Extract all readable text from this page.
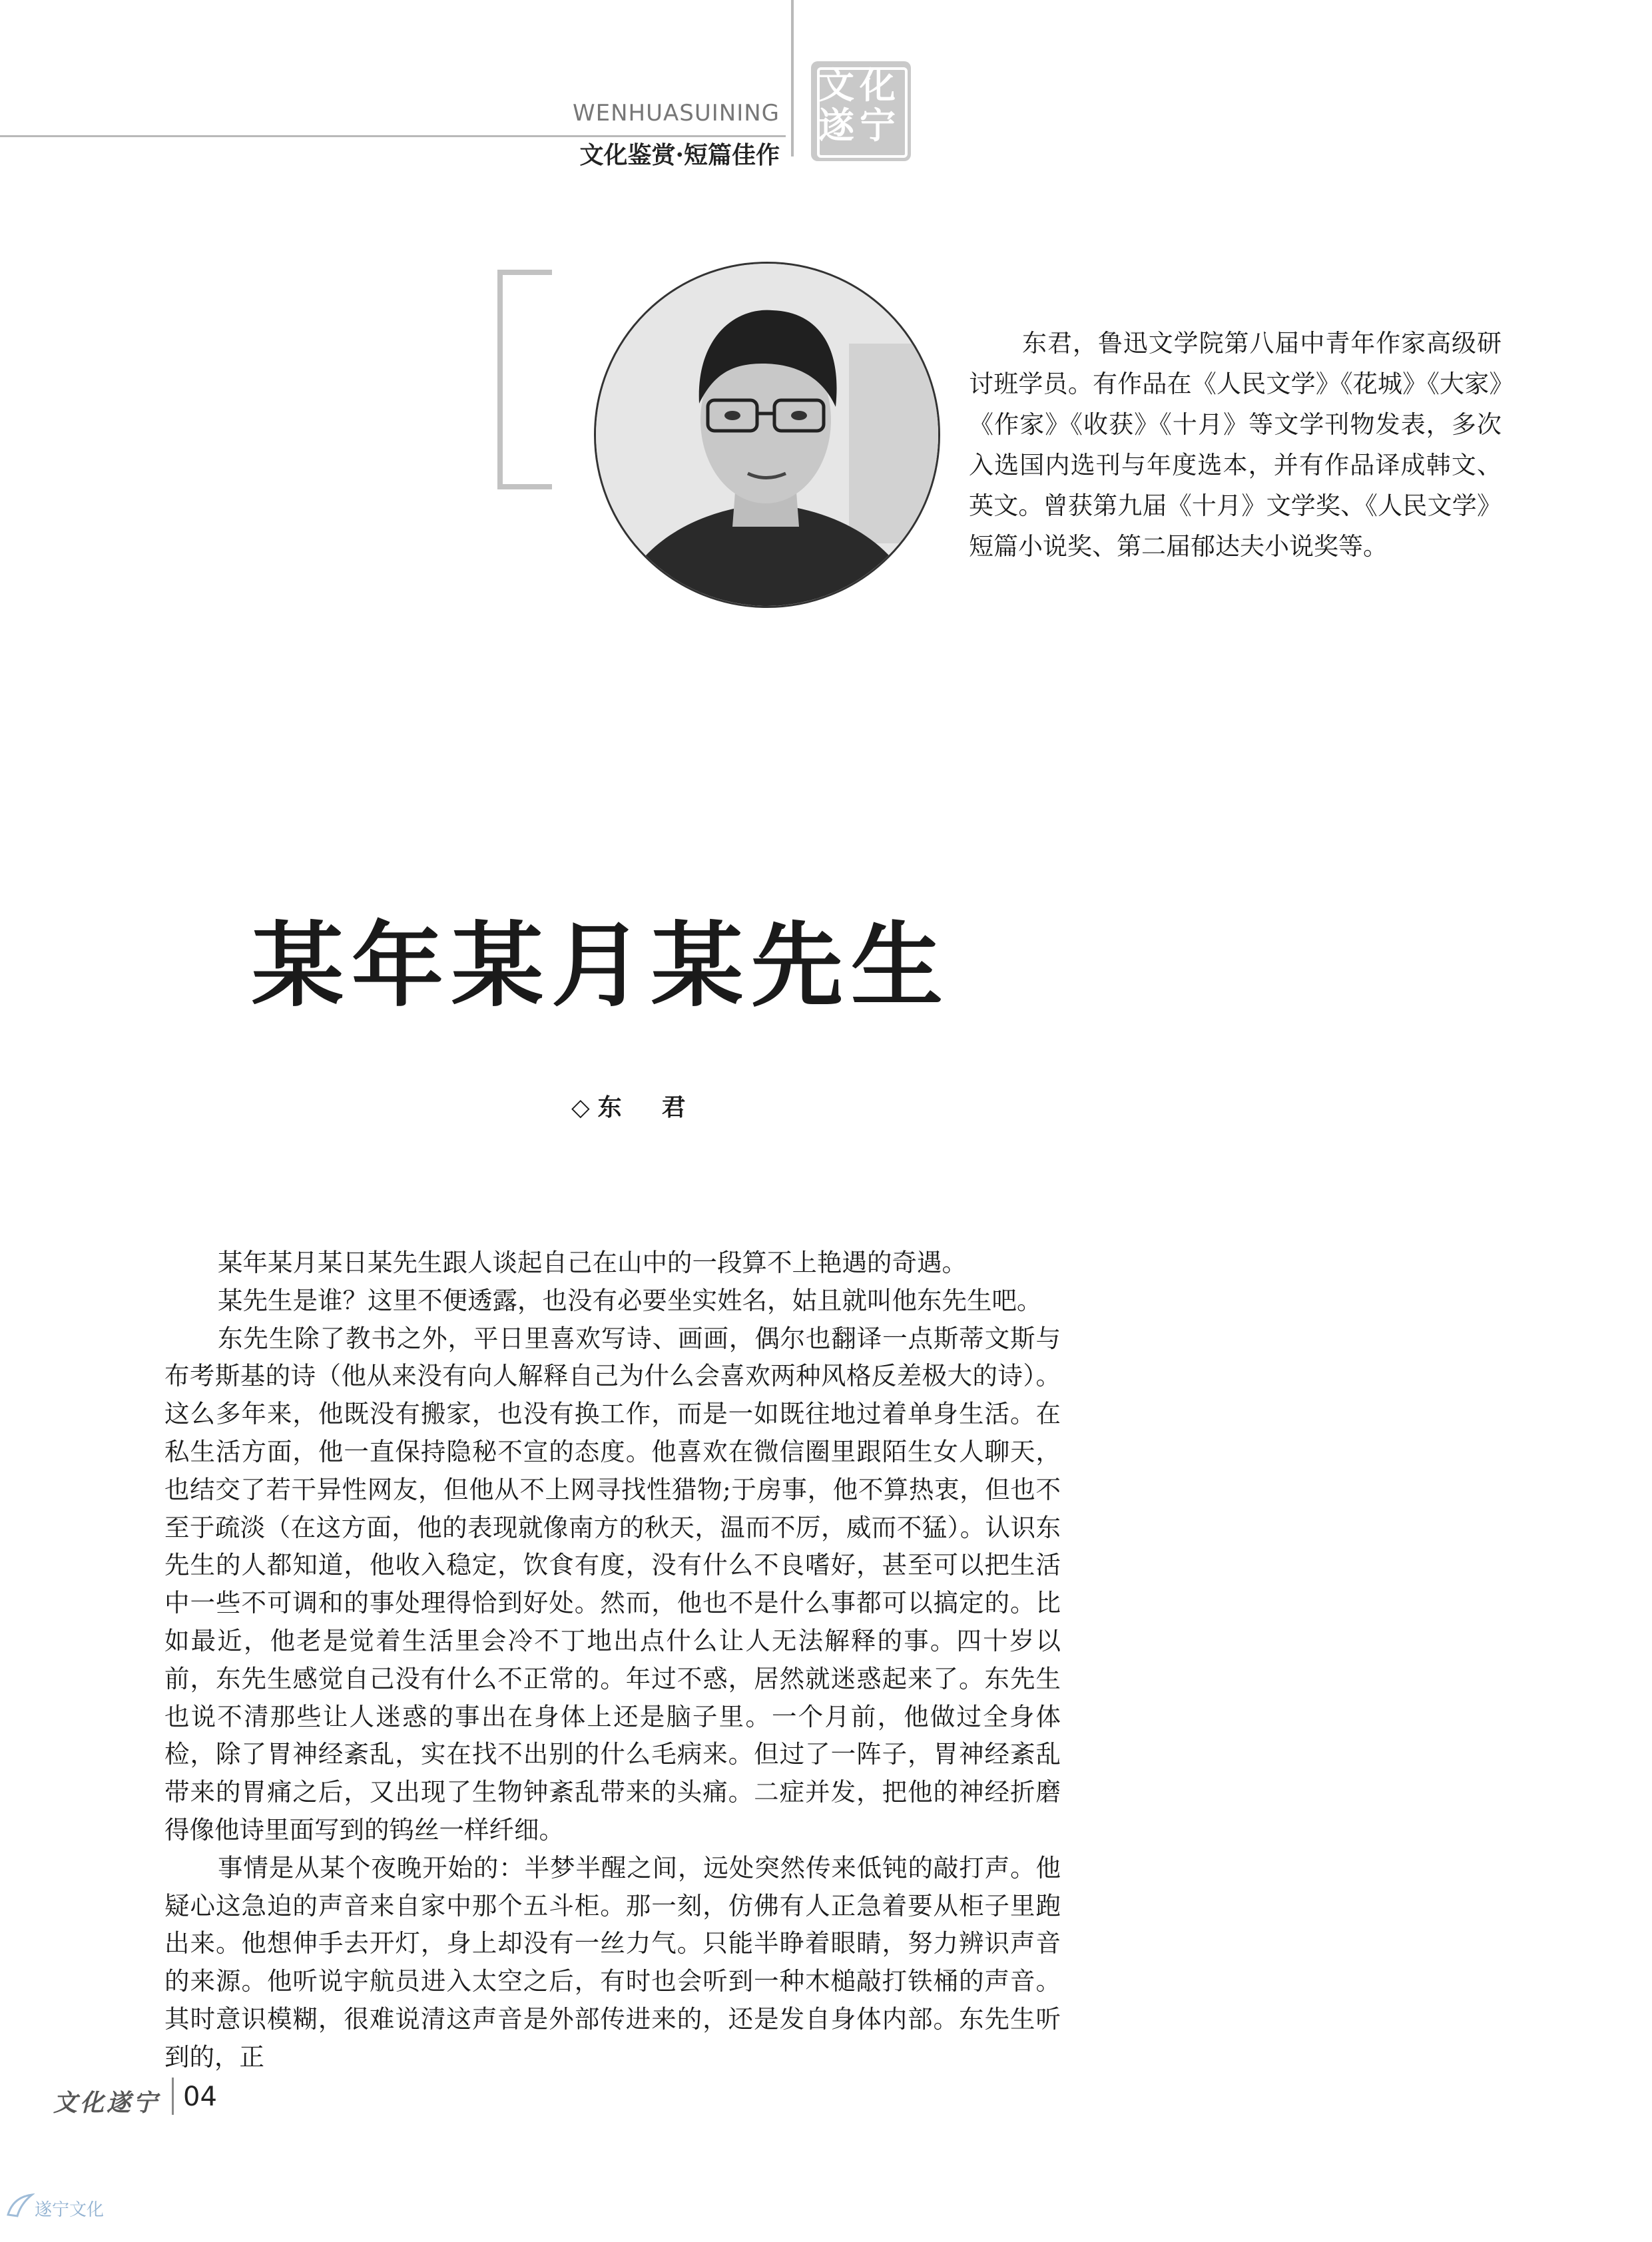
WENHUASUINING
文化鉴赏·短篇佳作
文 化
遂 宁

东君，鲁迅文学院第八届中青年作家高级研讨班学员。有作品在《人民文学》《花城》《大家》《作家》《收获》《十月》等文学刊物发表，多次入选国内选刊与年度选本，并有作品译成韩文、英文。曾获第九届《十月》文学奖、《人民文学》短篇小说奖、第二届郁达夫小说奖等。

某年某月某先生
◇东　君

某年某月某日某先生跟人谈起自己在山中的一段算不上艳遇的奇遇。

某先生是谁？这里不便透露，也没有必要坐实姓名，姑且就叫他东先生吧。

东先生除了教书之外，平日里喜欢写诗、画画，偶尔也翻译一点斯蒂文斯与布考斯基的诗（他从来没有向人解释自己为什么会喜欢两种风格反差极大的诗）。这么多年来，他既没有搬家，也没有换工作，而是一如既往地过着单身生活。在私生活方面，他一直保持隐秘不宣的态度。他喜欢在微信圈里跟陌生女人聊天，也结交了若干异性网友，但他从不上网寻找性猎物;于房事，他不算热衷，但也不至于疏淡（在这方面，他的表现就像南方的秋天，温而不厉，威而不猛）。认识东先生的人都知道，他收入稳定，饮食有度，没有什么不良嗜好，甚至可以把生活中一些不可调和的事处理得恰到好处。然而，他也不是什么事都可以搞定的。比如最近，他老是觉着生活里会冷不丁地出点什么让人无法解释的事。四十岁以前，东先生感觉自己没有什么不正常的。年过不惑，居然就迷惑起来了。东先生也说不清那些让人迷惑的事出在身体上还是脑子里。一个月前，他做过全身体检，除了胃神经紊乱，实在找不出别的什么毛病来。但过了一阵子，胃神经紊乱带来的胃痛之后，又出现了生物钟紊乱带来的头痛。二症并发，把他的神经折磨得像他诗里面写到的钨丝一样纤细。

事情是从某个夜晚开始的：半梦半醒之间，远处突然传来低钝的敲打声。他疑心这急迫的声音来自家中那个五斗柜。那一刻，仿佛有人正急着要从柜子里跑出来。他想伸手去开灯，身上却没有一丝力气。只能半睁着眼睛，努力辨识声音的来源。他听说宇航员进入太空之后，有时也会听到一种木槌敲打铁桶的声音。其时意识模糊，很难说清这声音是外部传进来的，还是发自身体内部。东先生听到的，正

文化遂宁 04
遂宁文化
